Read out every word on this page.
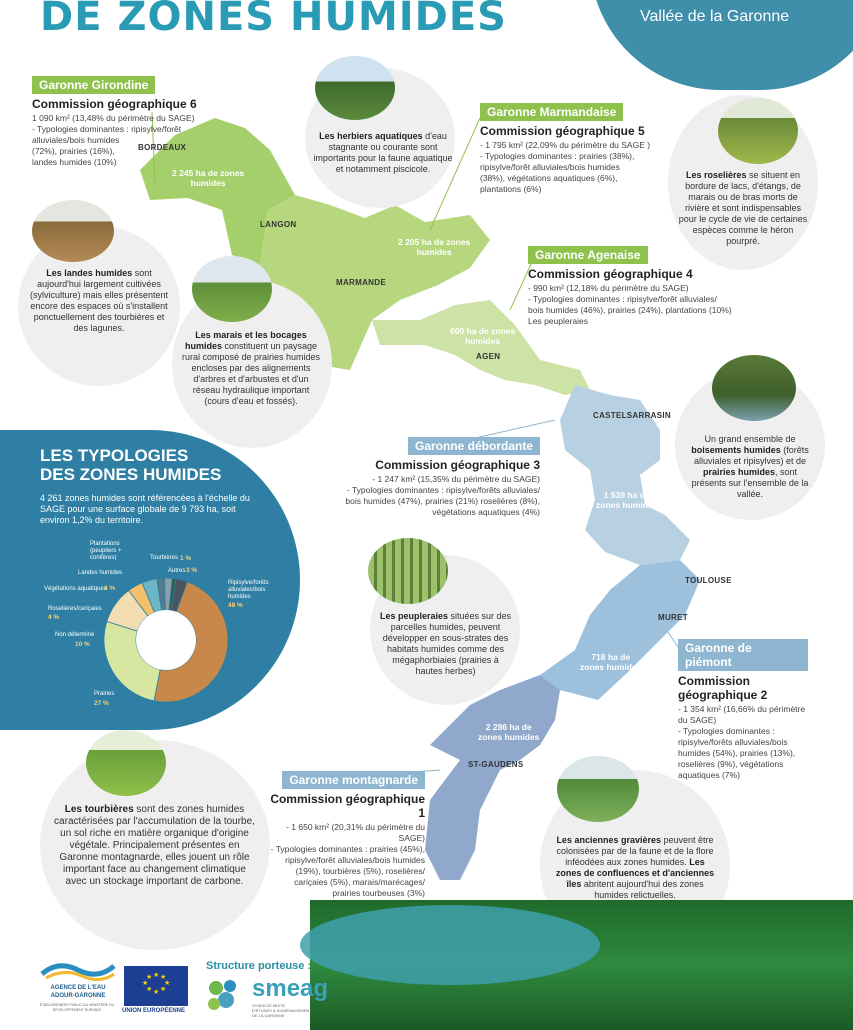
DE ZONES HUMIDES	Vallée de la Garonne
BORDEAUX
LANGON
MARMANDE
AGEN
CASTELSARRASIN
TOULOUSE
MURET
ST-GAUDENS
2 245 ha de zones
humides
2 205 ha de zones
humides
600 ha de zones
humides
1 539 ha de
zones humides
718 ha de
zones humides
2 286 ha de
zones humides
Garonne Girondine
Commission géographique 6
1 090 km² (13,48% du périmètre du SAGE)
- Typologies dominantes : ripisylve/forêt
alluviales/bois humides
(72%), prairies (16%),
landes humides (10%)
Garonne Marmandaise
Commission géographique 5
- 1 795 km² (22,09% du périmètre du SAGE )
- Typologies dominantes : prairies (38%),
ripisylve/forêt alluviales/bois humides
(38%), végétations aquatiques (6%),
plantations (6%)
Garonne Agenaise
Commission géographique 4
- 990 km² (12,18% du périmètre du SAGE)
- Typologies dominantes : ripisylve/forêt alluviales/
bois humides (46%), prairies (24%), plantations (10%)
Les peupleraies
Garonne débordante
Commission géographique 3
- 1 247 km² (15,35% du périmètre du SAGE)
- Typologies dominantes : ripisylve/forêts alluviales/
bois humides (47%), prairies (21%) roselières (8%),
végétations aquatiques (4%)
Garonne de piémont
Commission géographique 2
- 1 354 km² (16,66% du périmètre
du SAGE)
- Typologies dominantes :
ripisylve/forêts alluviales/bois
humides (54%), prairies (13%),
roselières (9%), végétations
aquatiques (7%)
Garonne montagnarde
Commission géographique 1
- 1 650 km² (20,31% du périmètre du SAGE)
- Typologies dominantes : prairies (45%),
ripisylve/forêt alluviales/bois humides
(19%), tourbières (5%), roselières/
cariçaies (5%), marais/marécages/
prairies tourbeuses (3%)
Les herbiers aquatiques d'eau stagnante ou courante sont importants pour la faune aquatique et notamment piscicole.
Les roselières se situent en bordure de lacs, d'étangs, de marais ou de bras morts de rivière et sont indispensables pour le cycle de vie de certaines espèces comme le héron pourpré.
Les landes humides sont aujourd'hui largement cultivées (sylviculture) mais elles présentent encore des espaces où s'installent ponctuellement des tourbières et des lagunes.
Les marais et les bocages humides constituent un paysage rural composé de prairies humides encloses par des alignements d'arbres et d'arbustes et d'un réseau hydraulique important (cours d'eau et fossés).
Un grand ensemble de boisements humides (forêts alluviales et ripisylves) et de prairies humides, sont présents sur l'ensemble de la vallée.
Les peupleraies situées sur des parcelles humides, peuvent développer en sous-strates des habitats humides comme des mégaphorbiaies (prairies à hautes herbes)
Les tourbières sont des zones humides caractérisées par l'accumulation de la tourbe, un sol riche en matière organique d'origine végétale. Principalement présentes en Garonne montagnarde, elles jouent un rôle important face au changement climatique avec un stockage important de carbone.
Les anciennes gravières peuvent être colonisées par de la faune et de la flore inféodées aux zones humides. Les zones de confluences et d'anciennes îles abritent aujourd'hui des zones humides relictuelles.
LES TYPOLOGIES
DES ZONES HUMIDES
4 261 zones humides sont référencées à l'échelle du SAGE pour une surface globale de 9 793 ha, soit environ 1,2% du territoire.
Ripisylve/forêts alluviales/bois humides
48 %
Prairies
27 %
Non déterminé
10 %
Roselières/cariçaies
4 %
Végétations aquatiques
4 %
Landes humides
Plantations (peupliers + conifères)	Tourbières 1 %
Autres 3 %
AGENCE DE L'EAU
ADOUR-GARONNE
ÉTABLISSEMENT PUBLIC DU MINISTÈRE DU DÉVELOPPEMENT DURABLE
★ ★
★
★
★
★
★
★
UNION EUROPÉENNE
Structure porteuse :
smeag
SYNDICAT MIXTE
D'ÉTUDES & D'AMÉNAGEMENT
DE LA GARONNE
